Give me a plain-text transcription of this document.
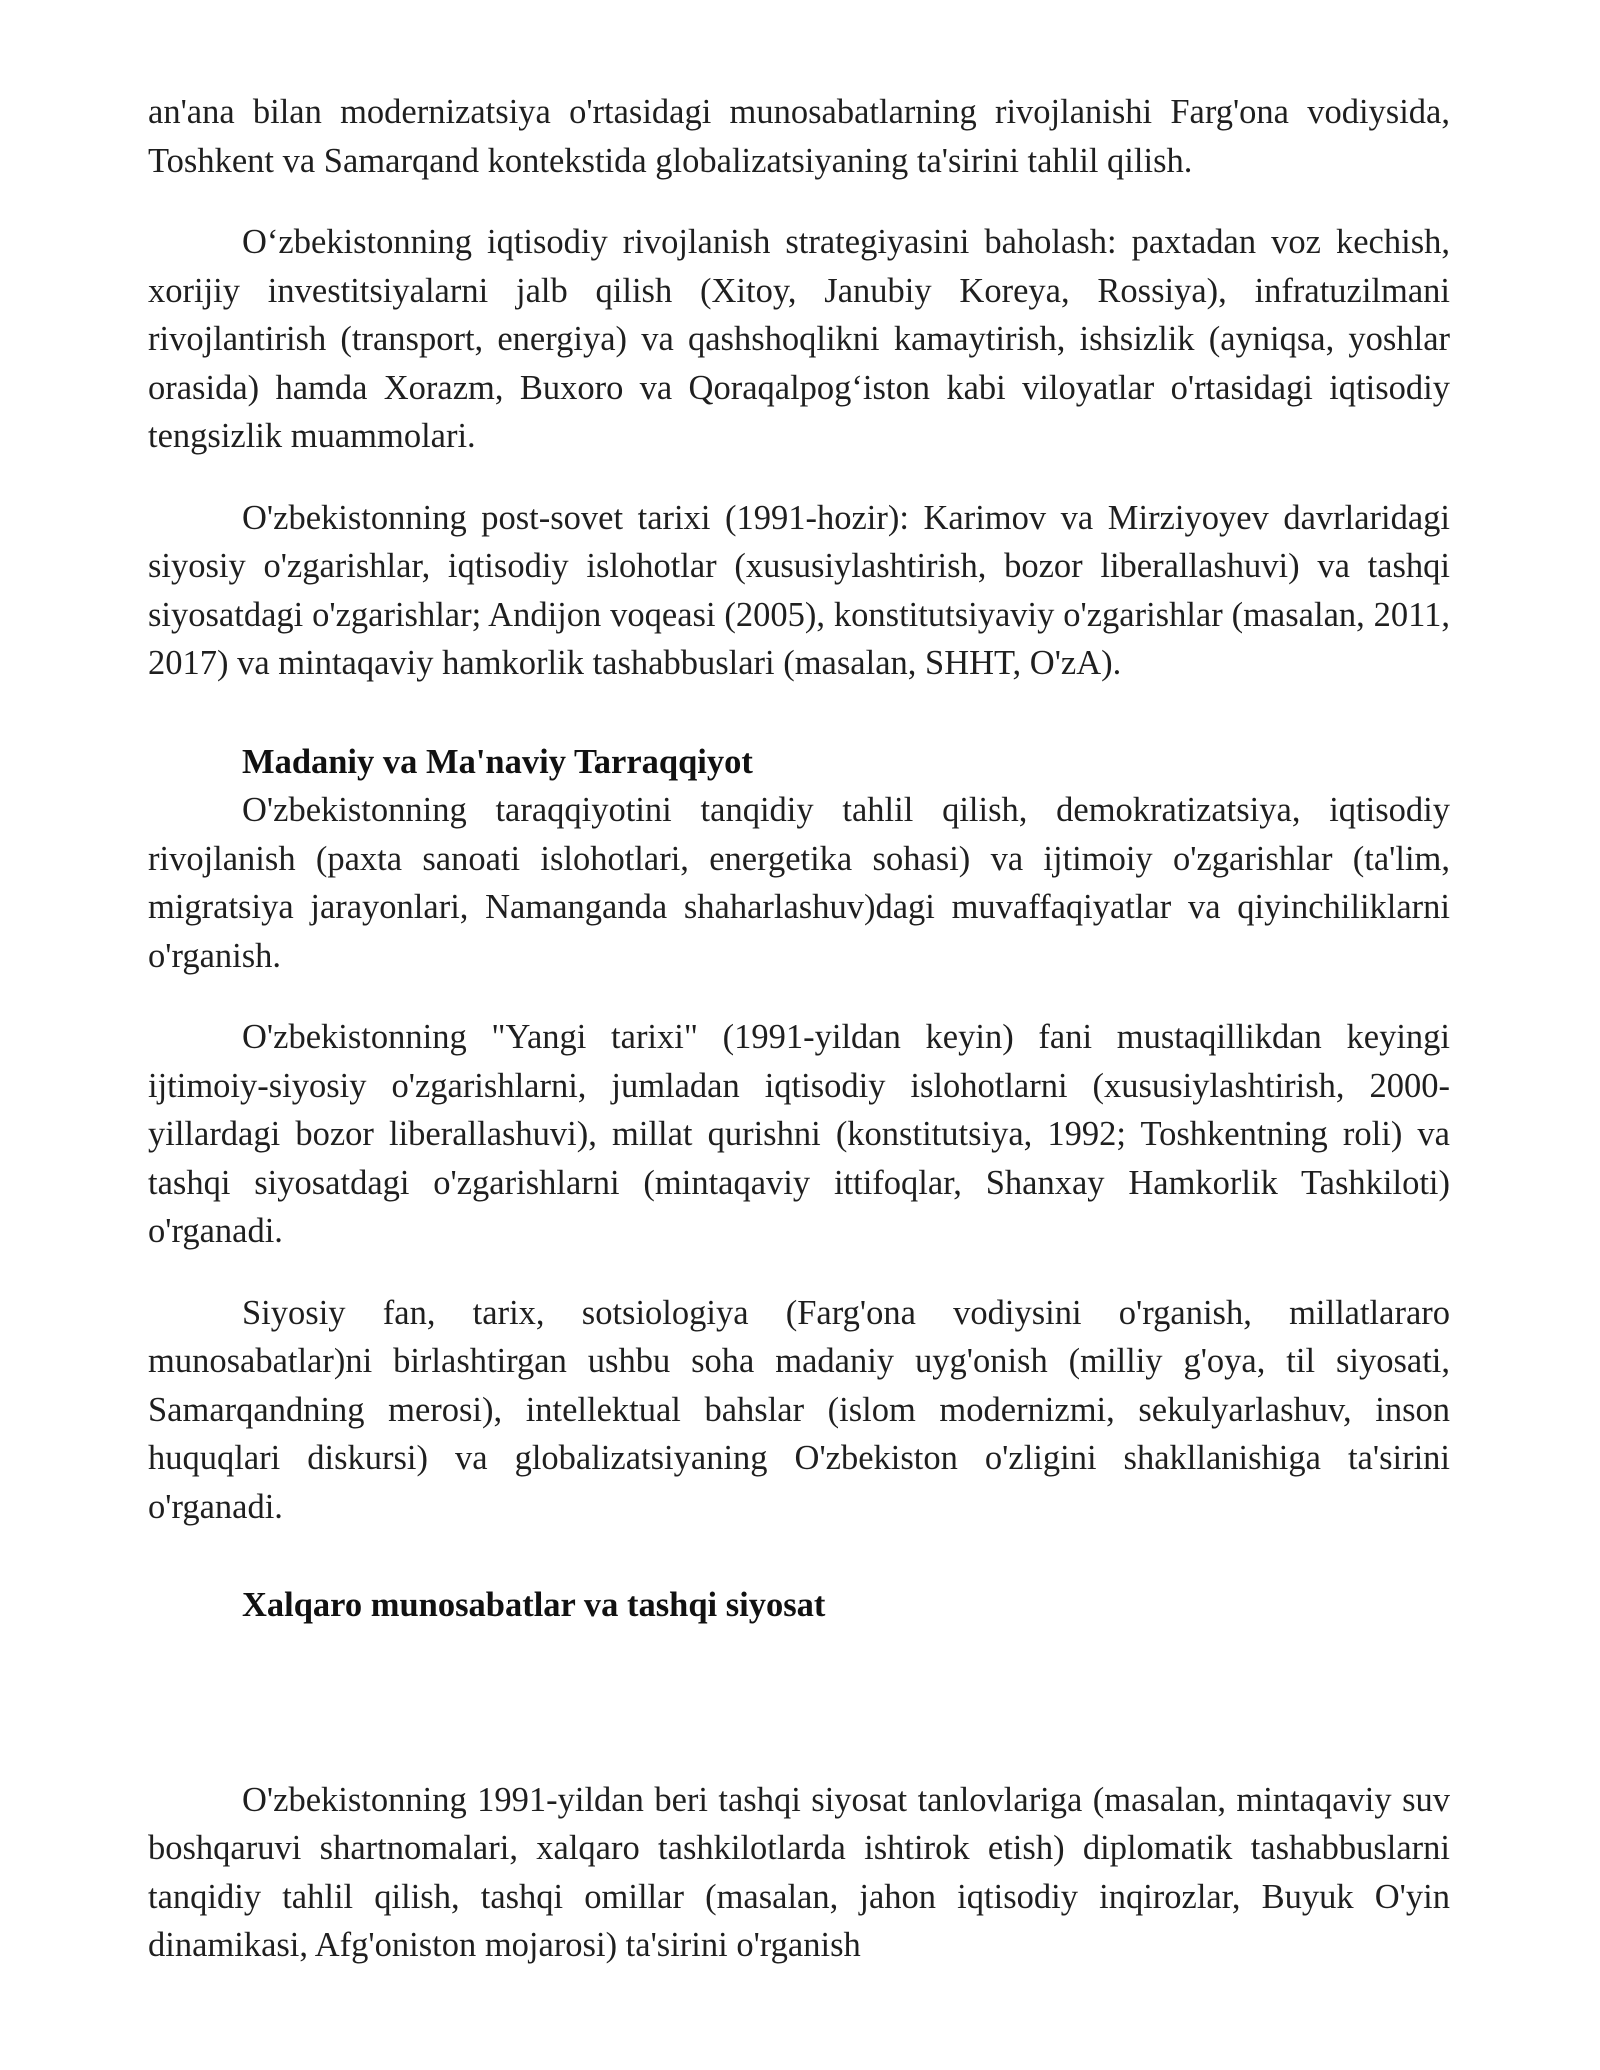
an'ana bilan modernizatsiya o'rtasidagi munosabatlarning rivojlanishi Farg'ona vodiysida, Toshkent va Samarqand kontekstida globalizatsiyaning ta'sirini tahlil qilish.

O‘zbekistonning iqtisodiy rivojlanish strategiyasini baholash: paxtadan voz kechish, xorijiy investitsiyalarni jalb qilish (Xitoy, Janubiy Koreya, Rossiya), infratuzilmani rivojlantirish (transport, energiya) va qashshoqlikni kamaytirish, ishsizlik (ayniqsa, yoshlar orasida) hamda Xorazm, Buxoro va Qoraqalpog‘iston kabi viloyatlar o'rtasidagi iqtisodiy tengsizlik muammolari.

O'zbekistonning post-sovet tarixi (1991-hozir): Karimov va Mirziyoyev davrlaridagi siyosiy o'zgarishlar, iqtisodiy islohotlar (xususiylashtirish, bozor liberallashuvi) va tashqi siyosatdagi o'zgarishlar; Andijon voqeasi (2005), konstitutsiyaviy o'zgarishlar (masalan, 2011, 2017) va mintaqaviy hamkorlik tashabbuslari (masalan, SHHT, O'zA).

Madaniy va Ma'naviy Tarraqqiyot

O'zbekistonning taraqqiyotini tanqidiy tahlil qilish, demokratizatsiya, iqtisodiy rivojlanish (paxta sanoati islohotlari, energetika sohasi) va ijtimoiy o'zgarishlar (ta'lim, migratsiya jarayonlari, Namanganda shaharlashuv)dagi muvaffaqiyatlar va qiyinchiliklarni o'rganish.

O'zbekistonning "Yangi tarixi" (1991-yildan keyin) fani mustaqillikdan keyingi ijtimoiy-siyosiy o'zgarishlarni, jumladan iqtisodiy islohotlarni (xususiylashtirish, 2000-yillardagi bozor liberallashuvi), millat qurishni (konstitutsiya, 1992; Toshkentning roli) va tashqi siyosatdagi o'zgarishlarni (mintaqaviy ittifoqlar, Shanxay Hamkorlik Tashkiloti) o'rganadi.

Siyosiy fan, tarix, sotsiologiya (Farg'ona vodiysini o'rganish, millatlararo munosabatlar)ni birlashtirgan ushbu soha madaniy uyg'onish (milliy g'oya, til siyosati, Samarqandning merosi), intellektual bahslar (islom modernizmi, sekulyarlashuv, inson huquqlari diskursi) va globalizatsiyaning O'zbekiston o'zligini shakllanishiga ta'sirini o'rganadi.

Xalqaro munosabatlar va tashqi siyosat

O'zbekistonning 1991-yildan beri tashqi siyosat tanlovlariga (masalan, mintaqaviy suv boshqaruvi shartnomalari, xalqaro tashkilotlarda ishtirok etish) diplomatik tashabbuslarni tanqidiy tahlil qilish, tashqi omillar (masalan, jahon iqtisodiy inqirozlar, Buyuk O'yin dinamikasi, Afg'oniston mojarosi) ta'sirini o'rganish
